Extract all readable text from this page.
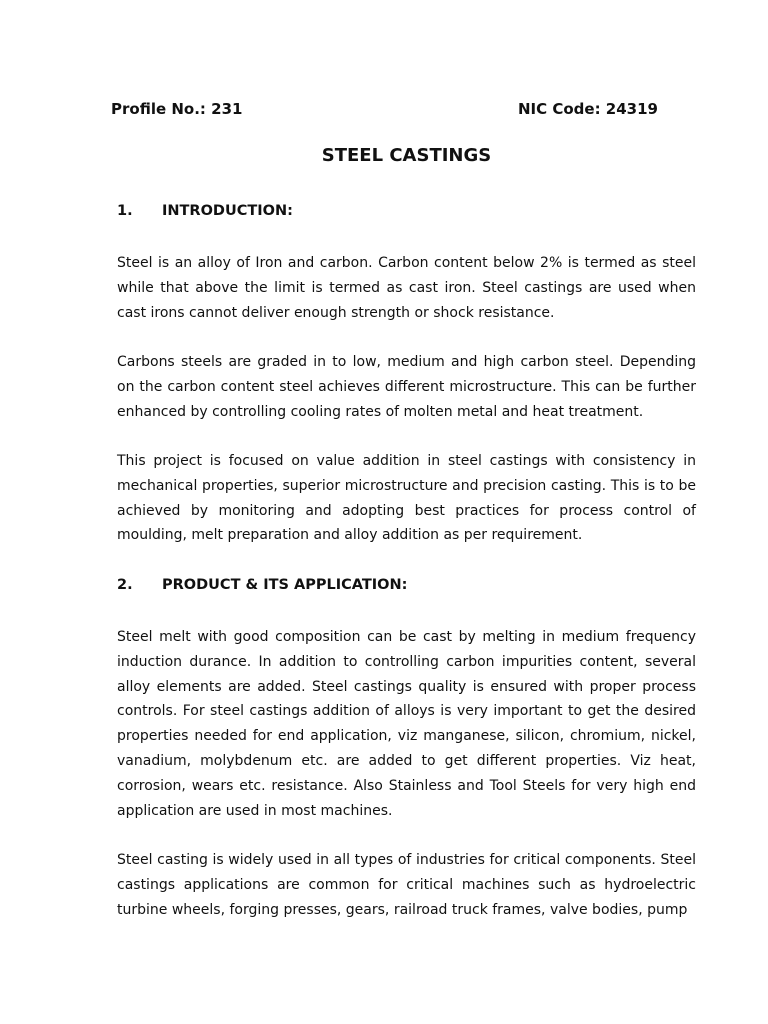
Profile No.: 231	NIC Code: 24319
STEEL CASTINGS
1.	INTRODUCTION:

Steel is an alloy of Iron and carbon. Carbon content below 2% is termed as steel while that above the limit is termed as cast iron. Steel castings are used when cast irons cannot deliver enough strength or shock resistance.

Carbons steels are graded in to low, medium and high carbon steel. Depending on the carbon content steel achieves different microstructure. This can be further enhanced by controlling cooling rates of molten metal and heat treatment.

This project is focused on value addition in steel castings with consistency in mechanical properties, superior microstructure and precision casting. This is to be achieved by monitoring and adopting best practices for process control of moulding, melt preparation and alloy addition as per requirement.

2.	PRODUCT & ITS APPLICATION:

Steel melt with good composition can be cast by melting in medium frequency induction durance. In addition to controlling carbon impurities content, several alloy elements are added. Steel castings quality is ensured with proper process controls. For steel castings addition of alloys is very important to get the desired properties needed for end application, viz manganese, silicon, chromium, nickel, vanadium, molybdenum etc. are added to get different properties. Viz heat, corrosion, wears etc. resistance. Also Stainless and Tool Steels for very high end application are used in most machines.

Steel casting is widely used in all types of industries for critical components. Steel castings applications are common for critical machines such as hydroelectric turbine wheels, forging presses, gears, railroad truck frames, valve bodies, pump
